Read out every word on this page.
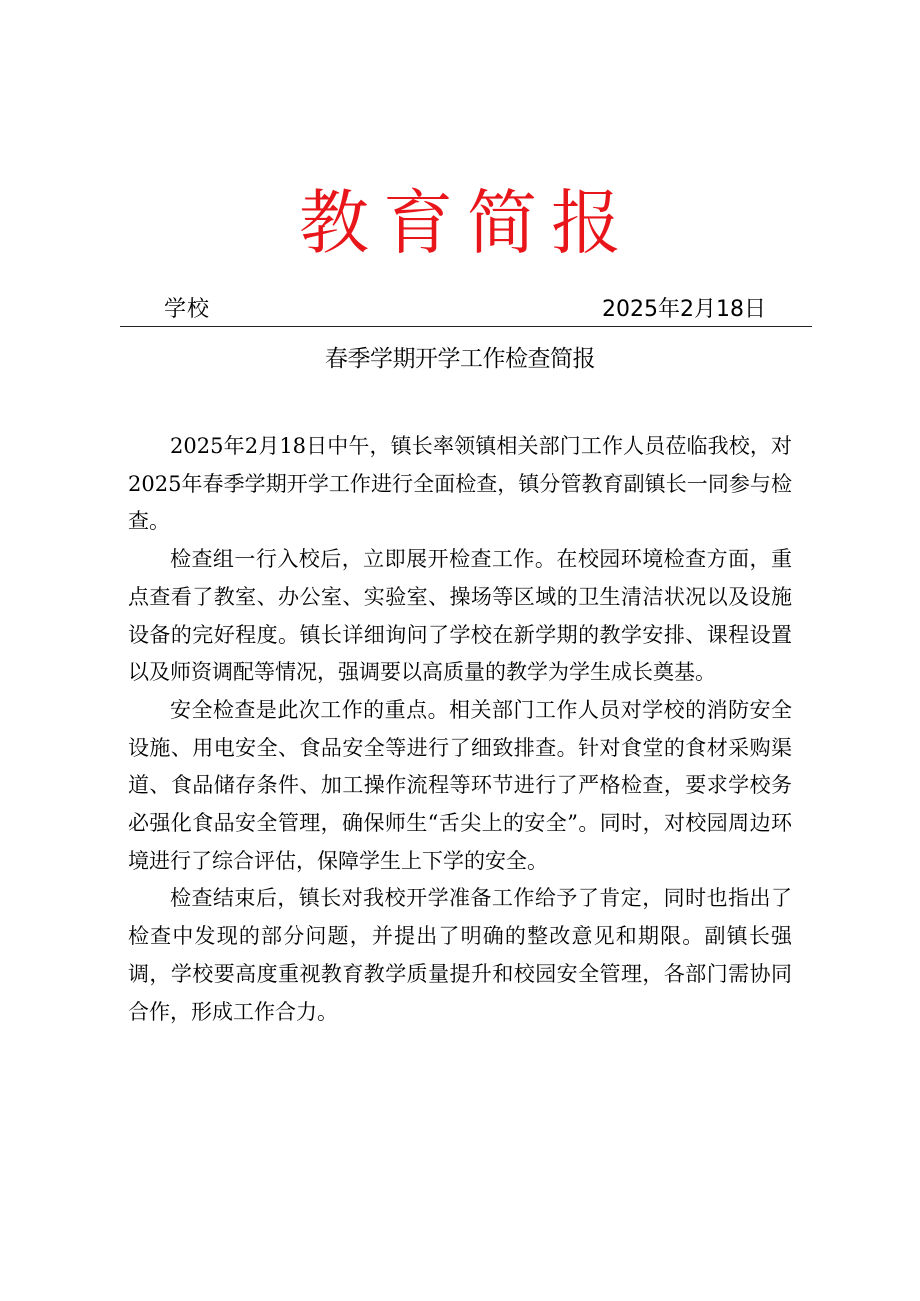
教育简报
学校	2025年2月18日
春季学期开学工作检查简报

2025年2月18日中午，镇长率领镇相关部门工作人员莅临我校，对2025年春季学期开学工作进行全面检查，镇分管教育副镇长一同参与检查。

检查组一行入校后，立即展开检查工作。在校园环境检查方面，重点查看了教室、办公室、实验室、操场等区域的卫生清洁状况以及设施设备的完好程度。镇长详细询问了学校在新学期的教学安排、课程设置以及师资调配等情况，强调要以高质量的教学为学生成长奠基。

安全检查是此次工作的重点。相关部门工作人员对学校的消防安全设施、用电安全、食品安全等进行了细致排查。针对食堂的食材采购渠道、食品储存条件、加工操作流程等环节进行了严格检查，要求学校务必强化食品安全管理，确保师生“舌尖上的安全”。同时，对校园周边环境进行了综合评估，保障学生上下学的安全。

检查结束后，镇长对我校开学准备工作给予了肯定，同时也指出了检查中发现的部分问题，并提出了明确的整改意见和期限。副镇长强调，学校要高度重视教育教学质量提升和校园安全管理，各部门需协同合作，形成工作合力。
